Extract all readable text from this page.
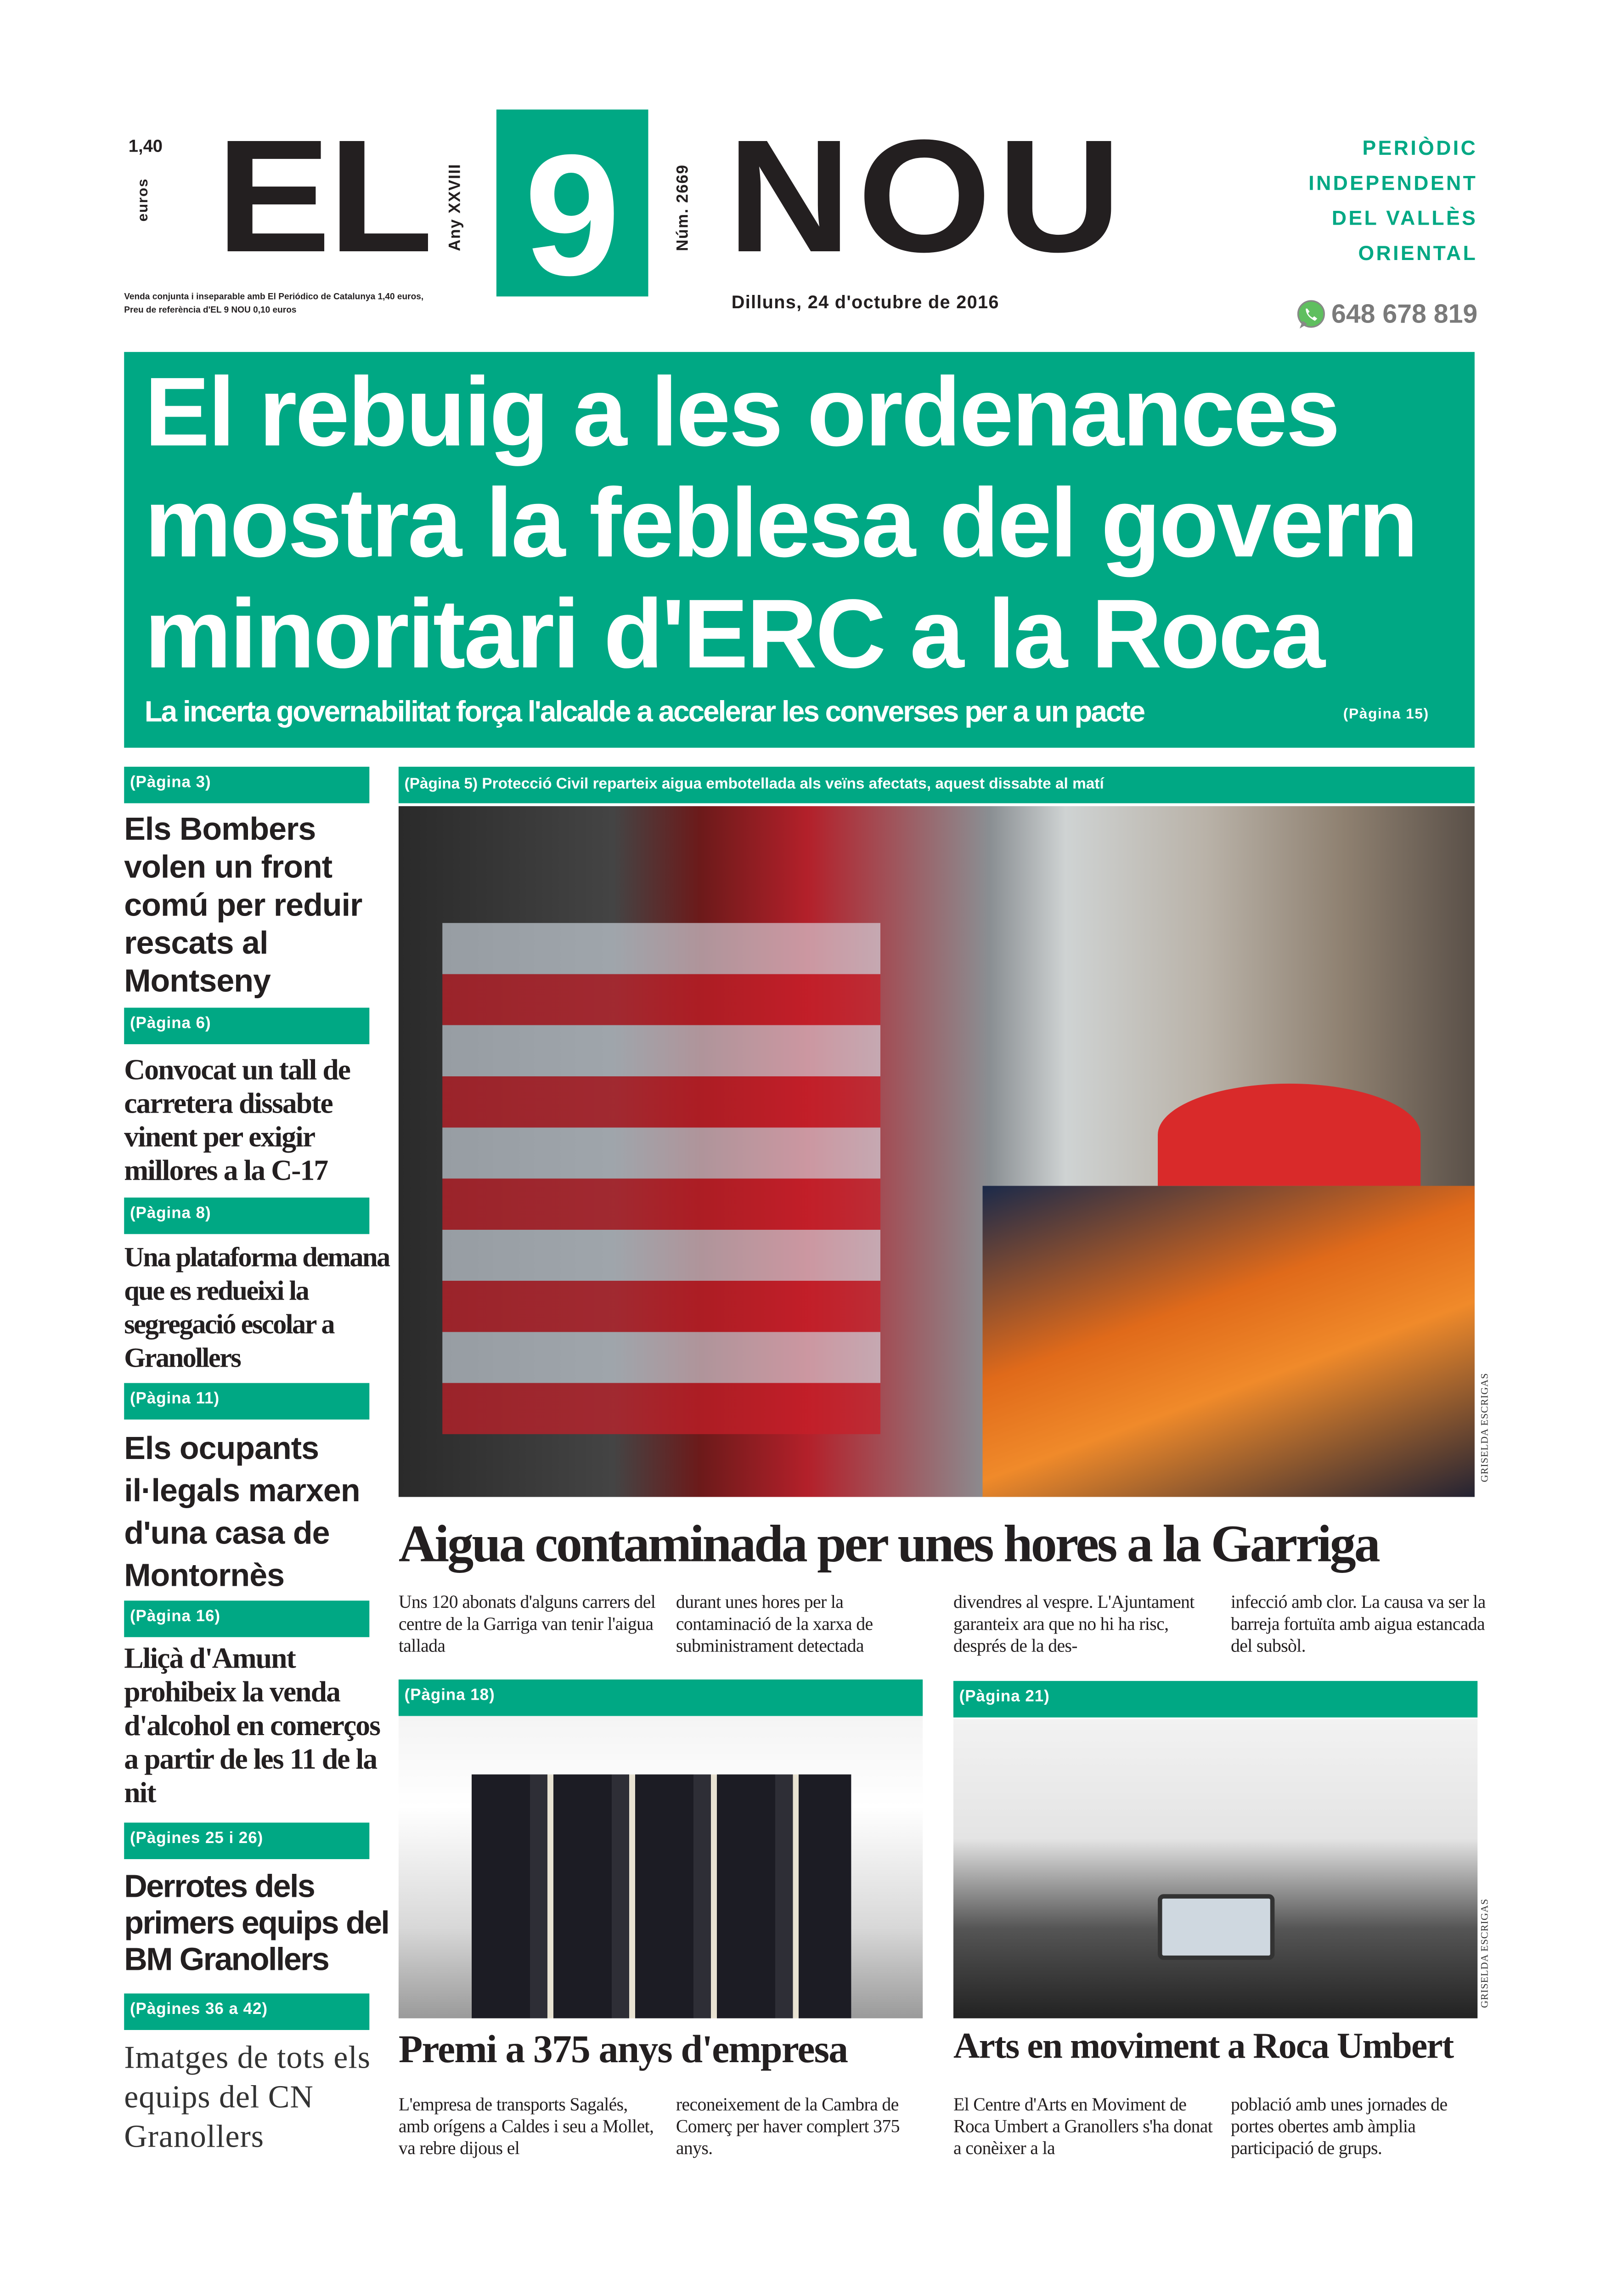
1,40
euros EL	Any XXVIII	9	Núm. 2669 NOU
Venda conjunta i inseparable amb El Periódico de Catalunya 1,40 euros,
Preu de referència d'EL 9 NOU 0,10 euros	Dilluns, 24 d'octubre de 2016
PERIÒDIC
INDEPENDENT
DEL VALLÈS
ORIENTAL
648 678 819
El rebuig a les ordenances
mostra la feblesa del govern
minoritari d'ERC a la Roca
La incerta governabilitat força l'alcalde a accelerar les converses per a un pacte	(Pàgina 15)
(Pàgina 3)
Els Bombers volen un front comú per reduir rescats al Montseny
(Pàgina 6)
Convocat un tall de carretera dissabte vinent per exigir millores a la C-17
(Pàgina 8)
Una plataforma demana que es redueixi la segregació escolar a Granollers
(Pàgina 11)
Els ocupants il·legals marxen d'una casa de Montornès
(Pàgina 16)
Lliçà d'Amunt prohibeix la venda d'alcohol en comerços a partir de les 11 de la nit
(Pàgines 25 i 26)
Derrotes dels primers equips del BM Granollers
(Pàgines 36 a 42)
Imatges de tots els equips del CN Granollers
(Pàgina 5) Protecció Civil reparteix aigua embotellada als veïns afectats, aquest dissabte al matí
GRISELDA ESCRIGAS
Aigua contaminada per unes hores a la Garriga
Uns 120 abonats d'alguns carrers del centre de la Garriga van tenir l'aigua tallada
durant unes hores per la contaminació de la xarxa de subministrament detectada
divendres al vespre. L'Ajuntament garanteix ara que no hi ha risc, després de la des-
infecció amb clor. La causa va ser la barreja fortuïta amb aigua estancada del subsòl.
(Pàgina 18)
Premi a 375 anys d'empresa
L'empresa de transports Sagalés, amb orígens a Caldes i seu a Mollet, va rebre dijous el
reconeixement de la Cambra de Comerç per haver complert 375 anys.
(Pàgina 21)
GRISELDA ESCRIGAS
Arts en moviment a Roca Umbert
El Centre d'Arts en Moviment de Roca Umbert a Granollers s'ha donat a conèixer a la
població amb unes jornades de portes obertes amb àmplia participació de grups.
